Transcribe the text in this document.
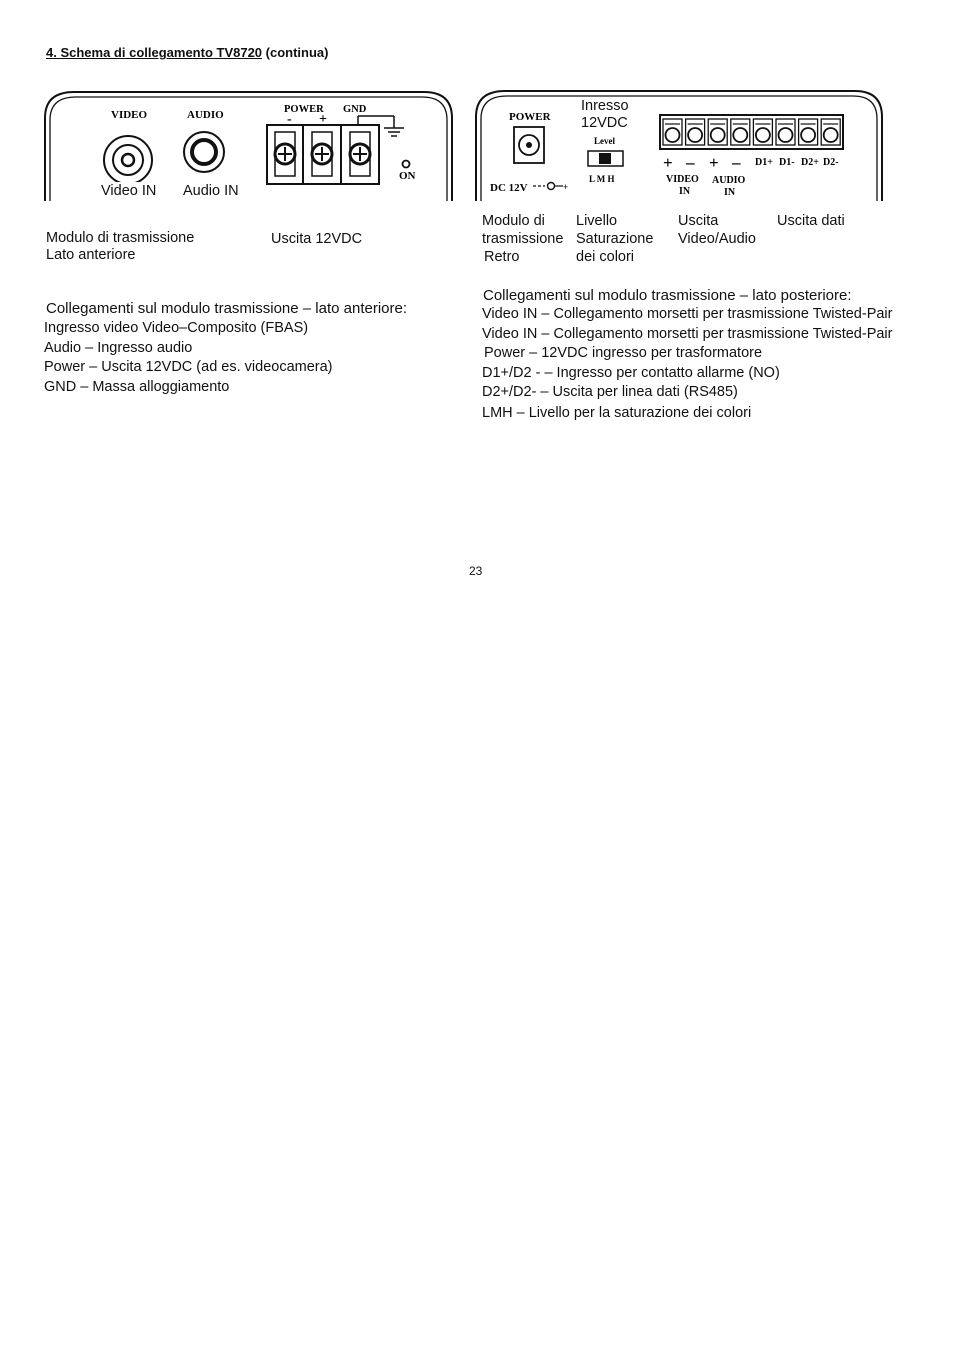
4. Schema di collegamento TV8720 (continua)
VIDEO	AUDIO	POWER GND
- +
ON
Video IN Audio IN
POWER
DC 12V	+
Level
L M H
+ – + – D1+ D1- D2+ D2-
VIDEO
IN
AUDIO
IN
Inresso
12VDC
Modulo di trasmissione
Lato anteriore
Uscita 12VDC
Modulo di
trasmissione
Retro
Livello
Saturazione
dei colori
Uscita
Video/Audio
Uscita dati
Collegamenti sul modulo trasmissione – lato anteriore:
Ingresso video Video–Composito (FBAS)
Audio – Ingresso audio
Power – Uscita 12VDC (ad es. videocamera)
GND – Massa alloggiamento
Collegamenti sul modulo trasmissione – lato posteriore:
Video IN – Collegamento morsetti per trasmissione Twisted-Pair
Video IN – Collegamento morsetti per trasmissione Twisted-Pair
Power – 12VDC ingresso per trasformatore
D1+/D2 - – Ingresso per contatto allarme (NO)
D2+/D2- – Uscita per linea dati (RS485)
LMH – Livello per la saturazione dei colori
23
